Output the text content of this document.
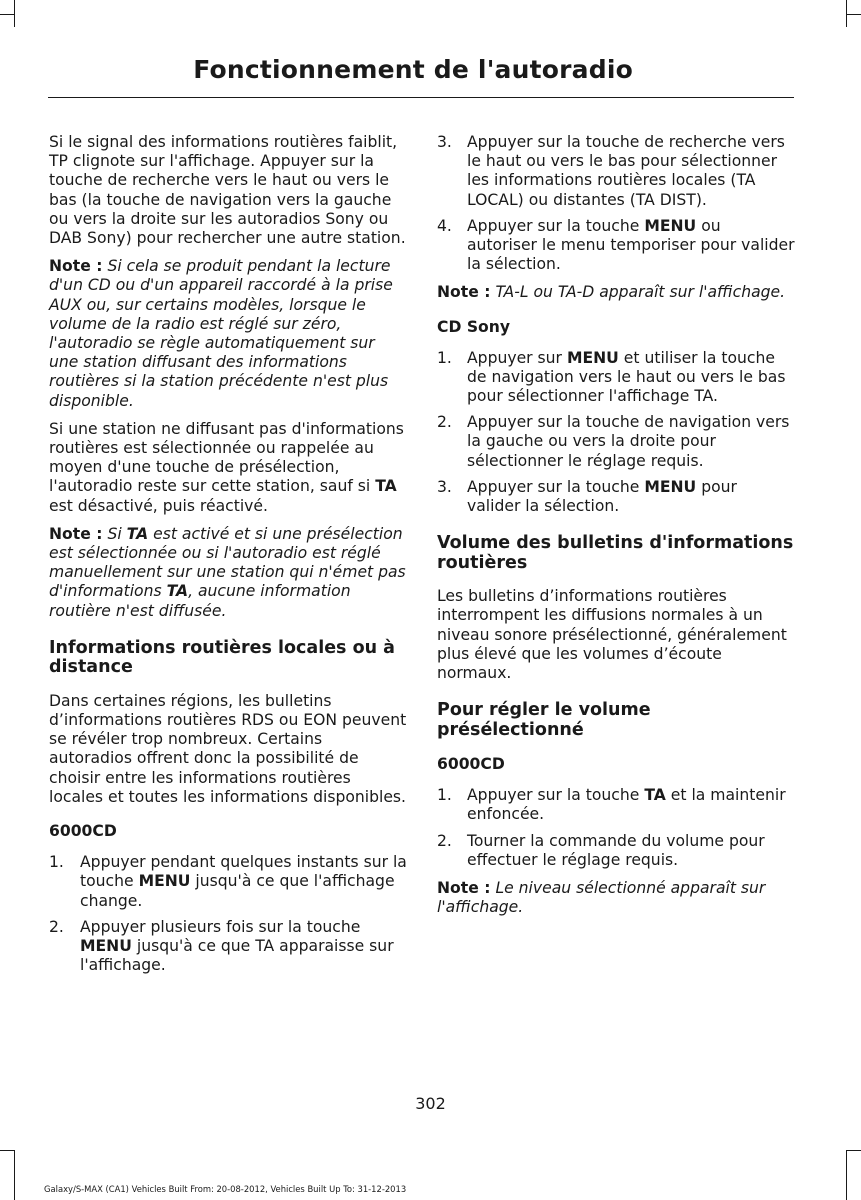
Fonctionnement de l'autoradio

Si le signal des informations routières faiblit, TP clignote sur l'affichage. Appuyer sur la touche de recherche vers le haut ou vers le bas (la touche de navigation vers la gauche ou vers la droite sur les autoradios Sony ou DAB Sony) pour rechercher une autre station.

Note : Si cela se produit pendant la lecture d'un CD ou d'un appareil raccordé à la prise AUX ou, sur certains modèles, lorsque le volume de la radio est réglé sur zéro, l'autoradio se règle automatiquement sur une station diffusant des informations routières si la station précédente n'est plus disponible.

Si une station ne diffusant pas d'informations routières est sélectionnée ou rappelée au moyen d'une touche de présélection, l'autoradio reste sur cette station, sauf si TA est désactivé, puis réactivé.

Note : Si TA est activé et si une présélection est sélectionnée ou si l'autoradio est réglé manuellement sur une station qui n'émet pas d'informations TA, aucune information routière n'est diffusée.

Informations routières locales ou à distance

Dans certaines régions, les bulletins d’informations routières RDS ou EON peuvent se révéler trop nombreux. Certains autoradios offrent donc la possibilité de choisir entre les informations routières locales et toutes les informations disponibles.

6000CD
1. Appuyer pendant quelques instants sur la touche MENU jusqu'à ce que l'affichage change.
2. Appuyer plusieurs fois sur la touche MENU jusqu'à ce que TA apparaisse sur l'affichage.
3. Appuyer sur la touche de recherche vers le haut ou vers le bas pour sélectionner les informations routières locales (TA LOCAL) ou distantes (TA DIST).
4. Appuyer sur la touche MENU ou autoriser le menu temporiser pour valider la sélection.

Note : TA-L ou TA-D apparaît sur l'affichage.

CD Sony
1. Appuyer sur MENU et utiliser la touche de navigation vers le haut ou vers le bas pour sélectionner l'affichage TA.
2. Appuyer sur la touche de navigation vers la gauche ou vers la droite pour sélectionner le réglage requis.
3. Appuyer sur la touche MENU pour valider la sélection.
Volume des bulletins d'informations routières

Les bulletins d’informations routières interrompent les diffusions normales à un niveau sonore présélectionné, généralement plus élevé que les volumes d’écoute normaux.

Pour régler le volume présélectionné
6000CD
1. Appuyer sur la touche TA et la maintenir enfoncée.
2. Tourner la commande du volume pour effectuer le réglage requis.

Note : Le niveau sélectionné apparaît sur l'affichage.

302

Galaxy/S-MAX (CA1) Vehicles Built From: 20-08-2012, Vehicles Built Up To: 31-12-2013
